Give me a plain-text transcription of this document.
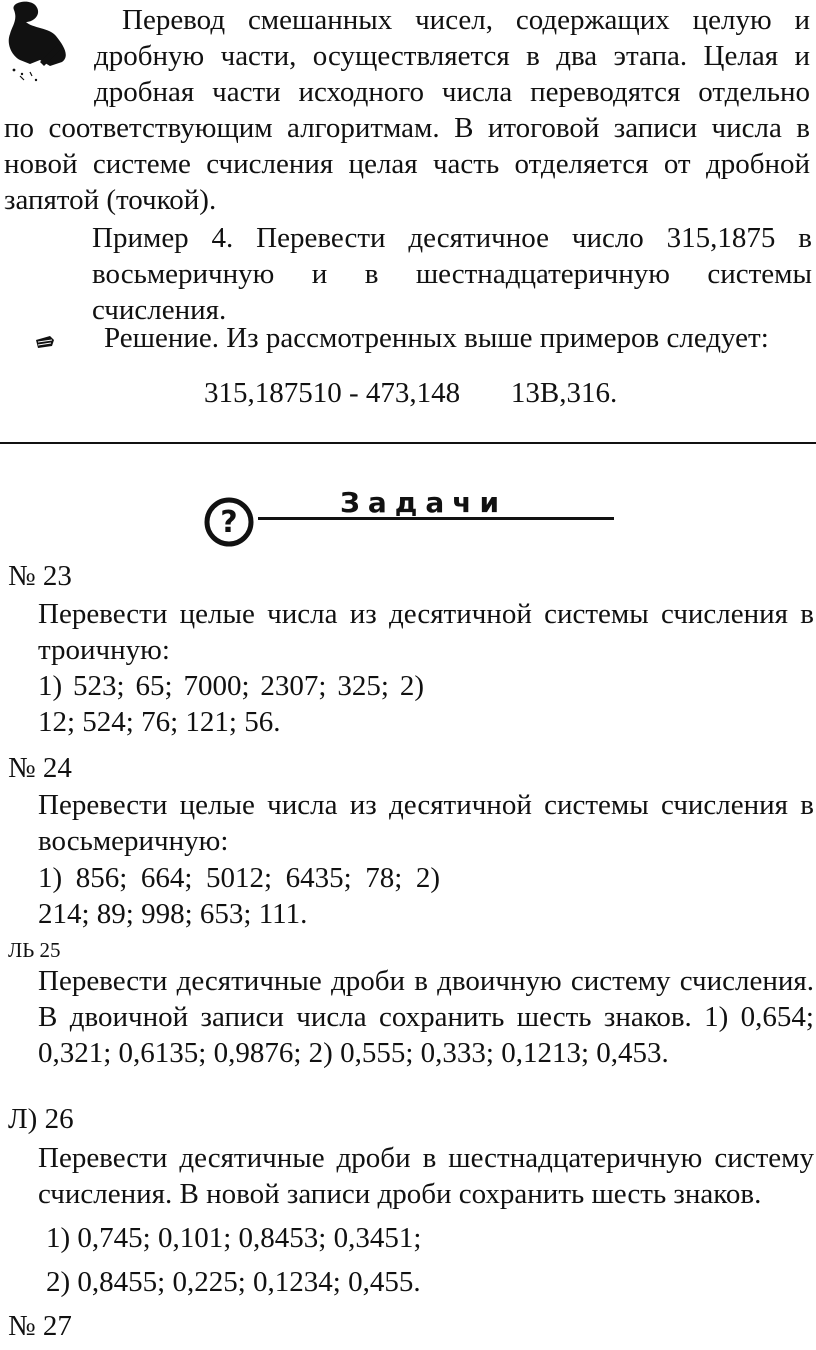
Перевод смешанных чисел, содержащих целую и
дробную части, осуществляется в два этапа. Целая и
дробная части исходного числа переводятся отдельно
по соответствующим алгоритмам. В итоговой записи числа в новой системе счисления целая часть отделяется от дробной запятой (точкой).
Пример 4. Перевести десятичное число 315,1875 в восьмеричную и в шестнадцатеричную системы счисления.
Решение. Из рассмотренных выше примеров следует:
315,187510 - 473,148       13В,316.
?
Задачи
№ 23
Перевести целые числа из десятичной системы счисления в троичную:
1) 523; 65; 7000; 2307; 325; 2)
12; 524; 76; 121; 56.
№ 24
Перевести целые числа из десятичной системы счисления в восьмеричную:
1) 856; 664; 5012; 6435; 78; 2)
214; 89; 998; 653; 111.
ЛЬ 25
Перевести десятичные дроби в двоичную систему счисления. В двоичной записи числа сохранить шесть знаков. 1) 0,654; 0,321; 0,6135; 0,9876; 2) 0,555; 0,333; 0,1213; 0,453.
Л) 26
Перевести десятичные дроби в шестнадцатеричную систему счисления. В новой записи дроби сохранить шесть знаков.
1) 0,745; 0,101; 0,8453; 0,3451;
2) 0,8455; 0,225; 0,1234; 0,455.
№ 27
